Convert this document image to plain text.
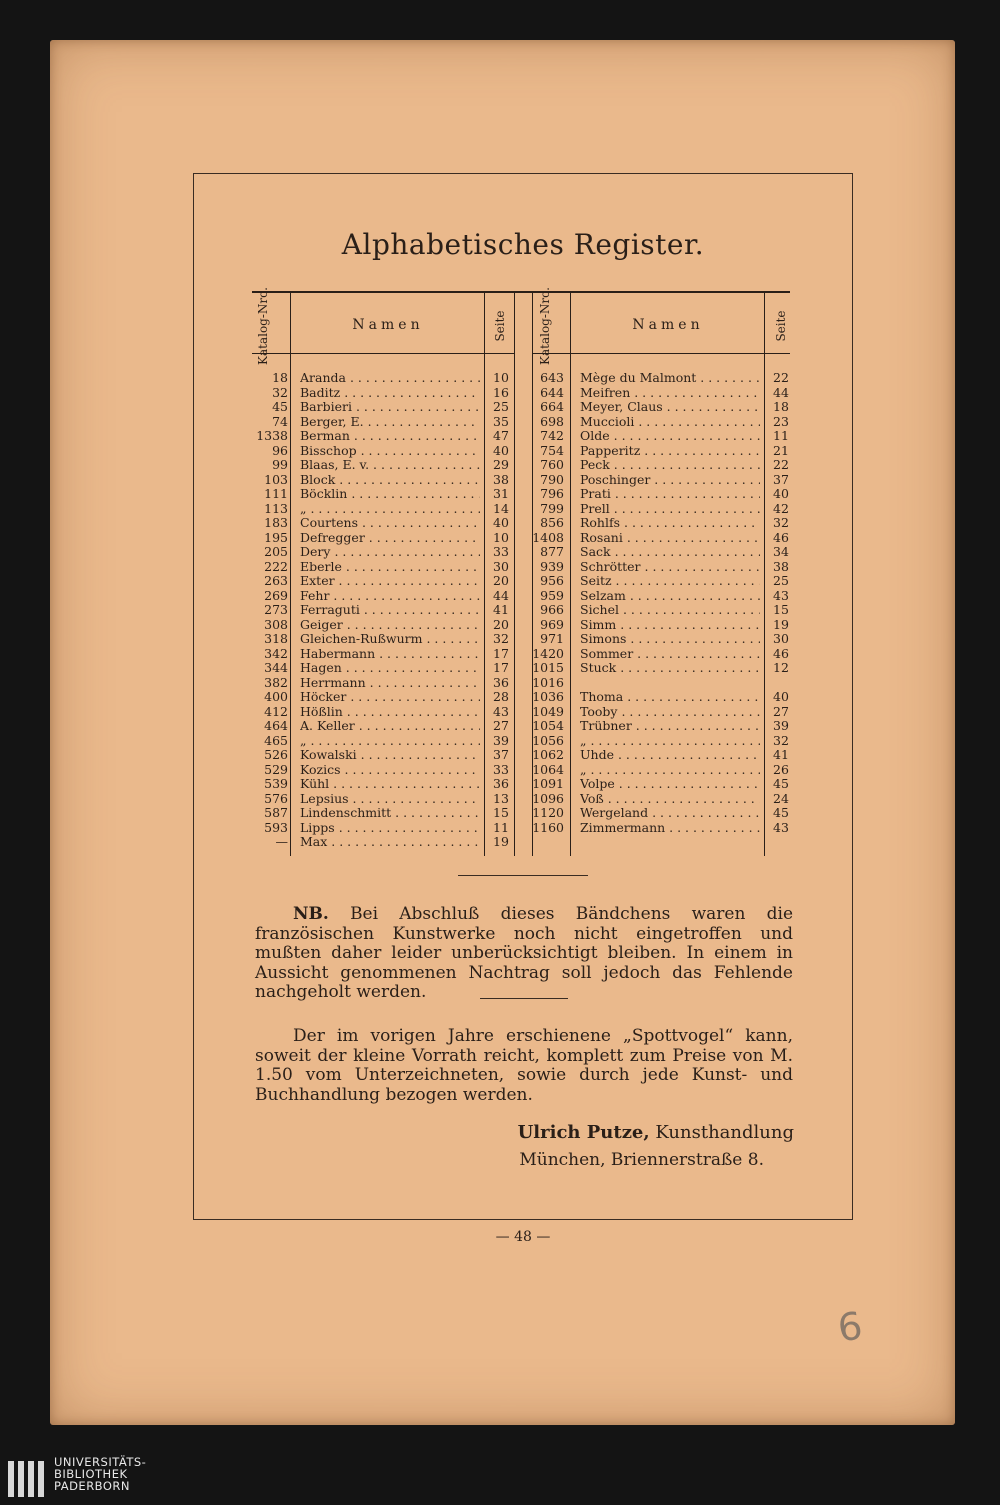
Alphabetisches Register.
Katalog-Nro.	Namen	Seite	Katalog-Nro.	Namen	Seite
18 Aranda . . .	10
32 Baditz . . .	16
45 Barbieri . . .	25
74 Berger, E. . . .	35
1338 Berman . . .	47
96 Bisschop . . .	40
99 Blaas, E. v. . . .	29
103 Block . . .	38
111 Böcklin . . .	31
113 „ . . .	14
183 Courtens . . .	40
195 Defregger . . .	10
205 Dery . . .	33
222 Eberle . . .	30
263 Exter . . .	20
269 Fehr . . .	44
273 Ferraguti . . .	41
308 Geiger . . .	20
318 Gleichen-Rußwurm . . .	32
342 Habermann . . .	17
344 Hagen . . .	17
382 Herrmann . . .	36
400 Höcker . . .	28
412 Hößlin . . .	43
464 A. Keller . . .	27
465 „ . . .	39
526 Kowalski . . .	37
529 Kozics . . .	33
539 Kühl . . .	36
576 Lepsius . . .	13
587 Lindenschmitt . . .	15
593 Lipps . . .	11
— Max . . .	19
643 Mège du Malmont . . .	22
644 Meifren . . .	44
664 Meyer, Claus . . .	18
698 Muccioli . . .	23
742 Olde . . .	11
754 Papperitz . . .	21
760 Peck . . .	22
790 Poschinger . . .	37
796 Prati . . .	40
799 Prell . . .	42
856 Rohlfs . . .	32
1408 Rosani . . .	46
877 Sack . . .	34
939 Schrötter . . .	38
956 Seitz . . .	25
959 Selzam . . .	43
966 Sichel . . .	15
969 Simm . . .	19
971 Simons . . .	30
1420 Sommer . . .	46
1015 Stuck . . .	12
1016
1036 Thoma . . .	40
1049 Tooby . . .	27
1054 Trübner . . .	39
1056 „ . . .	32
1062 Uhde . . .	41
1064 „ . . .	26
1091 Volpe . . .	45
1096 Voß . . .	24
1120 Wergeland . . .	45
1160 Zimmermann . . .	43
NB. Bei Abschluß dieses Bändchens waren die französischen Kunstwerke noch nicht eingetroffen und mußten daher leider unberücksichtigt bleiben. In einem in Aussicht genommenen Nachtrag soll jedoch das Fehlende nachgeholt werden.
Der im vorigen Jahre erschienene „Spottvogel“ kann, soweit der kleine Vorrath reicht, komplett zum Preise von M. 1.50 vom Unterzeichneten, sowie durch jede Kunst- und Buchhandlung bezogen werden.
Ulrich Putze, Kunsthandlung
München, Briennerstraße 8.
— 48 —
6
UNIVERSITÄTS-
BIBLIOTHEK
PADERBORN
